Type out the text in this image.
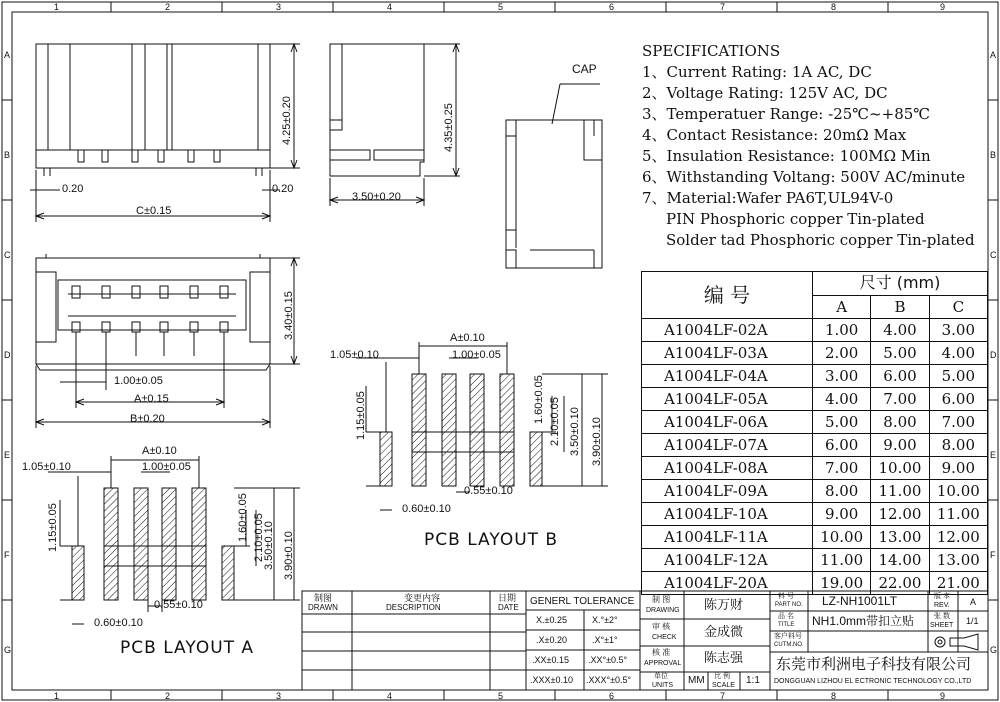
1
1
2
2
3
3
4
4
5
5
6
6
7
7
8
8
9
9
A	A
B	B
C	C
D	D
E	E
F	F
G	G
CAP
4.25±0.20
0.20	0.20
C±0.15
4.35±0.25
3.50±0.20
3.40±0.15
1.00±0.05
A±0.15
B±0.20
A±0.10
1.05±0.10	1.00±0.05
1.15±0.05	1.60±0.05 2.10±0.05
3.50±0.10 3.90±0.10
0.55±0.10
0.60±0.10
PCB LAYOUT A
A±0.10
1.05±0.10	1.00±0.05
1.15±0.05	1.60±0.05 2.10±0.05 3.50±0.10 3.90±0.10
0.55±0.10
0.60±0.10
PCB LAYOUT B
SPECIFICATIONS
1、Current Rating: 1A AC, DC
2、Voltage Rating: 125V AC, DC
3、Temperatuer Range: -25℃~+85℃
4、Contact Resistance: 20mΩ Max
5、Insulation Resistance: 100MΩ Min
6、Withstanding Voltang: 500V AC/minute
7、Material:Wafer PA6T,UL94V-0
PIN Phosphoric copper Tin-plated
Solder tad Phosphoric copper Tin-plated
编 号	尺寸 (mm)		
	A	B	C
A1004LF-02A	1.00	4.00	3.00
A1004LF-03A	2.00	5.00	4.00
A1004LF-04A	3.00	6.00	5.00
A1004LF-05A	4.00	7.00	6.00
A1004LF-06A	5.00	8.00	7.00
A1004LF-07A	6.00	9.00	8.00
A1004LF-08A	7.00	10.00	9.00
A1004LF-09A	8.00	11.00	10.00
A1004LF-10A	9.00	12.00	11.00
A1004LF-11A	10.00	13.00	12.00
A1004LF-12A	11.00	14.00	13.00
A1004LF-20A	19.00	22.00	21.00
制图
DRAWN
变更内容
DESCRIPTION
日期
DATE
GENERL TOLERANCE
X.±0.25	X.°±2°
.X±0.20	.X°±1°
.XX±0.15 .XX°±0.5°
.XXX±0.10 .XXX°±0.5°
制 图
DRAWING 陈万财
审 核
CHECK 金成微
核 准
APPROVAL 陈志强
单位
UNITS MM 比 例
SCALE 1:1
料 号
PART NO. LZ-NH1001LT	版 本
REV. A
品 名
TITLE NH1.0mm带扣立贴	张 数
SHEET 1/1
客户料号
CUTM.NO.
东莞市利洲电子科技有限公司
DONGGUAN LIZHOU EL ECTRONIC TECHNOLOGY CO.,LTD
